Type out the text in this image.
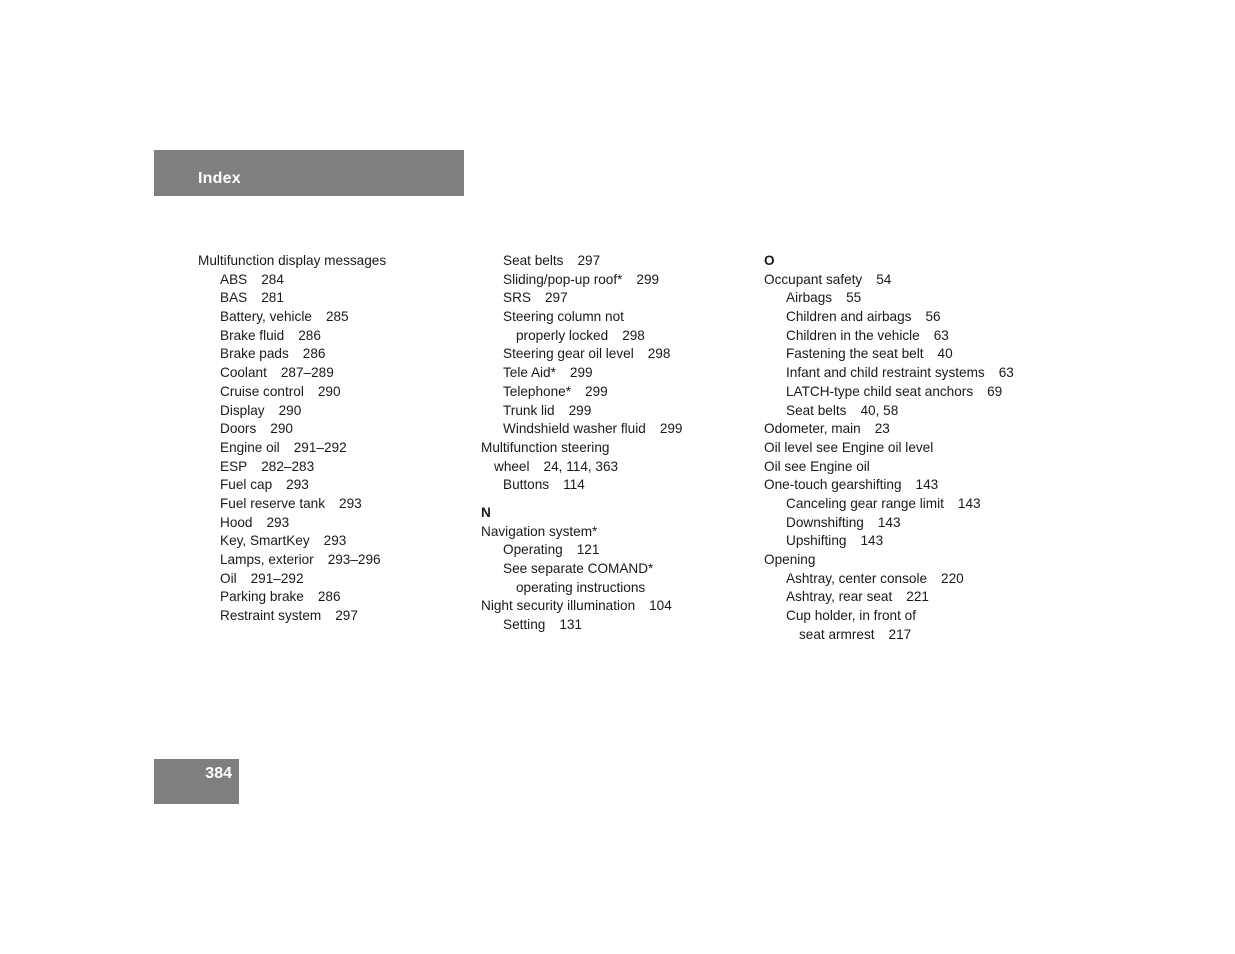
Index
Multifunction display messages
ABS 284
BAS 281
Battery, vehicle 285
Brake fluid 286
Brake pads 286
Coolant 287–289
Cruise control 290
Display 290
Doors 290
Engine oil 291–292
ESP 282–283
Fuel cap 293
Fuel reserve tank 293
Hood 293
Key, SmartKey 293
Lamps, exterior 293–296
Oil 291–292
Parking brake 286
Restraint system 297
Seat belts 297
Sliding/pop-up roof* 299
SRS 297
Steering column not
properly locked 298
Steering gear oil level 298
Tele Aid* 299
Telephone* 299
Trunk lid 299
Windshield washer fluid 299
Multifunction steering
wheel 24, 114, 363
Buttons 114
N
Navigation system*
Operating 121
See separate COMAND*
operating instructions
Night security illumination 104
Setting 131
O
Occupant safety 54
Airbags 55
Children and airbags 56
Children in the vehicle 63
Fastening the seat belt 40
Infant and child restraint systems 63
LATCH-type child seat anchors 69
Seat belts 40, 58
Odometer, main 23
Oil level see Engine oil level
Oil see Engine oil
One-touch gearshifting 143
Canceling gear range limit 143
Downshifting 143
Upshifting 143
Opening
Ashtray, center console 220
Ashtray, rear seat 221
Cup holder, in front of
seat armrest 217
384
